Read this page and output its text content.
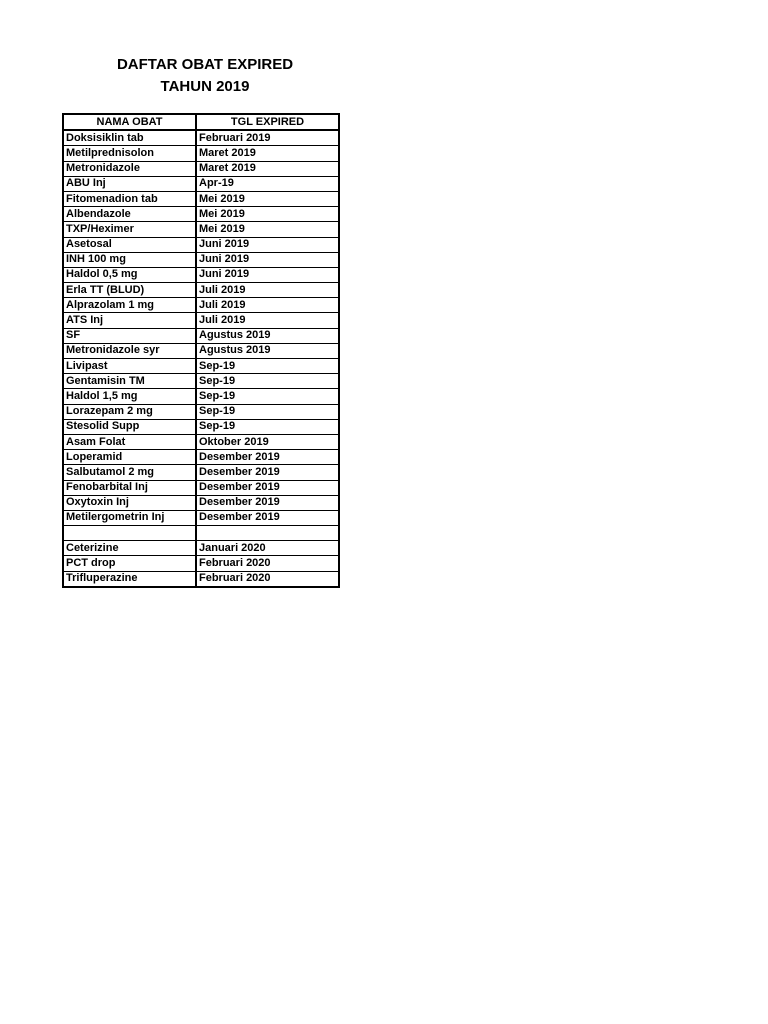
DAFTAR OBAT EXPIRED
TAHUN 2019
NAMA OBAT	TGL EXPIRED
Doksisiklin tab	Februari 2019
Metilprednisolon	Maret 2019
Metronidazole	Maret 2019
ABU Inj	Apr-19
Fitomenadion tab	Mei 2019
Albendazole	Mei 2019
TXP/Heximer	Mei 2019
Asetosal	Juni 2019
INH 100 mg	Juni 2019
Haldol 0,5 mg	Juni 2019
Erla TT (BLUD)	Juli 2019
Alprazolam 1 mg	Juli 2019
ATS Inj	Juli 2019
SF	Agustus 2019
Metronidazole syr	Agustus 2019
Livipast	Sep-19
Gentamisin TM	Sep-19
Haldol 1,5 mg	Sep-19
Lorazepam 2 mg	Sep-19
Stesolid Supp	Sep-19
Asam Folat	Oktober 2019
Loperamid	Desember 2019
Salbutamol 2 mg	Desember 2019
Fenobarbital Inj	Desember 2019
Oxytoxin Inj	Desember 2019
Metilergometrin Inj	Desember 2019

Ceterizine	Januari 2020
PCT drop	Februari 2020
Trifluperazine	Februari 2020
